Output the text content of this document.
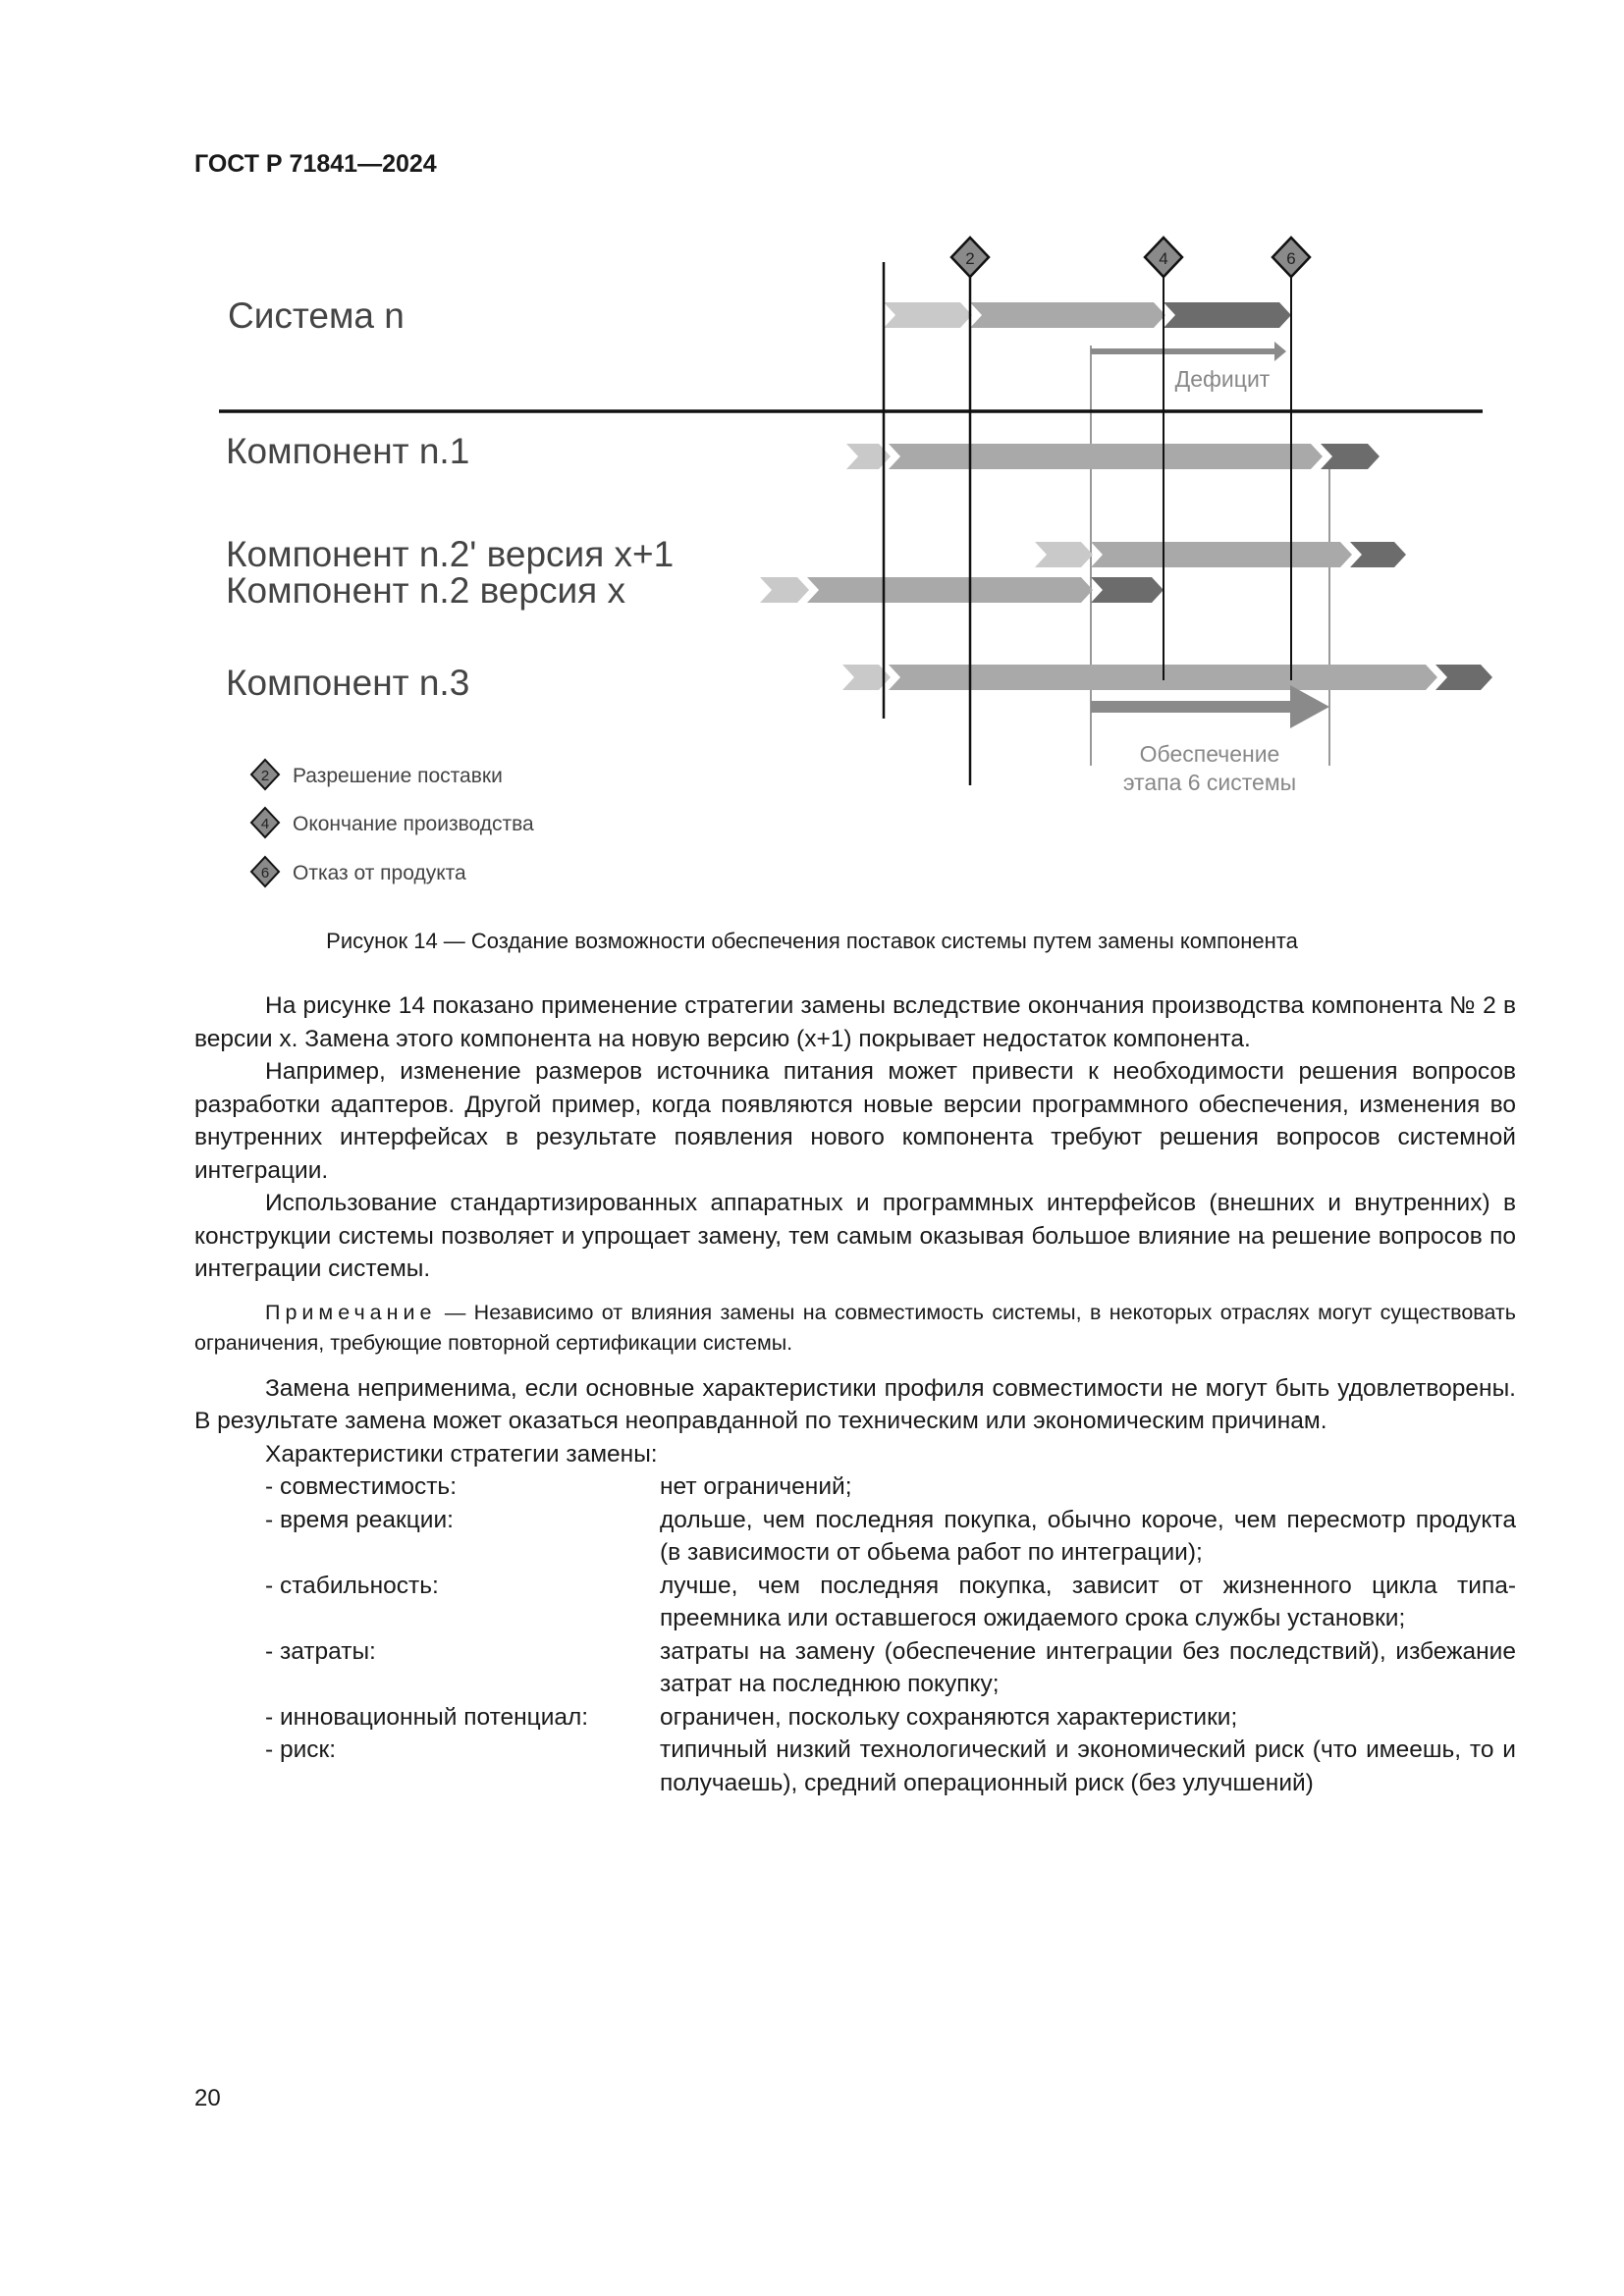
ГОСТ Р 71841—2024
2	4	6
Система n
Компонент n.1
Компонент n.2' версия x+1
Компонент n.2 версия x
Компонент n.3
Дефицит
Обеспечение
этапа 6 системы
2 Разрешение поставки
4 Окончание производства
6 Отказ от продукта
Рисунок 14 — Создание возможности обеспечения поставок системы путем замены компонента

На рисунке 14 показано применение стратегии замены вследствие окончания производства компонента № 2 в версии x. Замена этого компонента на новую версию (x+1) покрывает недостаток компонента.

Например, изменение размеров источника питания может привести к необходимости решения вопросов разработки адаптеров. Другой пример, когда появляются новые версии программного обеспечения, изменения во внутренних интерфейсах в результате появления нового компонента требуют решения вопросов системной интеграции.

Использование стандартизированных аппаратных и программных интерфейсов (внешних и внутренних) в конструкции системы позволяет и упрощает замену, тем самым оказывая большое влияние на решение вопросов по интеграции системы.

Примечание — Независимо от влияния замены на совместимость системы, в некоторых отраслях могут существовать ограничения, требующие повторной сертификации системы.

Замена неприменима, если основные характеристики профиля совместимости не могут быть удовлетворены. В результате замена может оказаться неоправданной по техническим или экономическим причинам.

Характеристики стратегии замены:

- совместимость:	нет ограничений;
- время реакции:	дольше, чем последняя покупка, обычно короче, чем пересмотр продукта (в зависимости от обьема работ по интеграции);
- стабильность:	лучше, чем последняя покупка, зависит от жизненного цикла типа-преемника или оставшегося ожидаемого срока службы установки;
- затраты:	затраты на замену (обеспечение интеграции без последствий), избежание затрат на последнюю покупку;
- инновационный потенциал:	ограничен, поскольку сохраняются характеристики;
- риск:	типичный низкий технологический и экономический риск (что имеешь, то и получаешь), средний операционный риск (без улучшений)
20
